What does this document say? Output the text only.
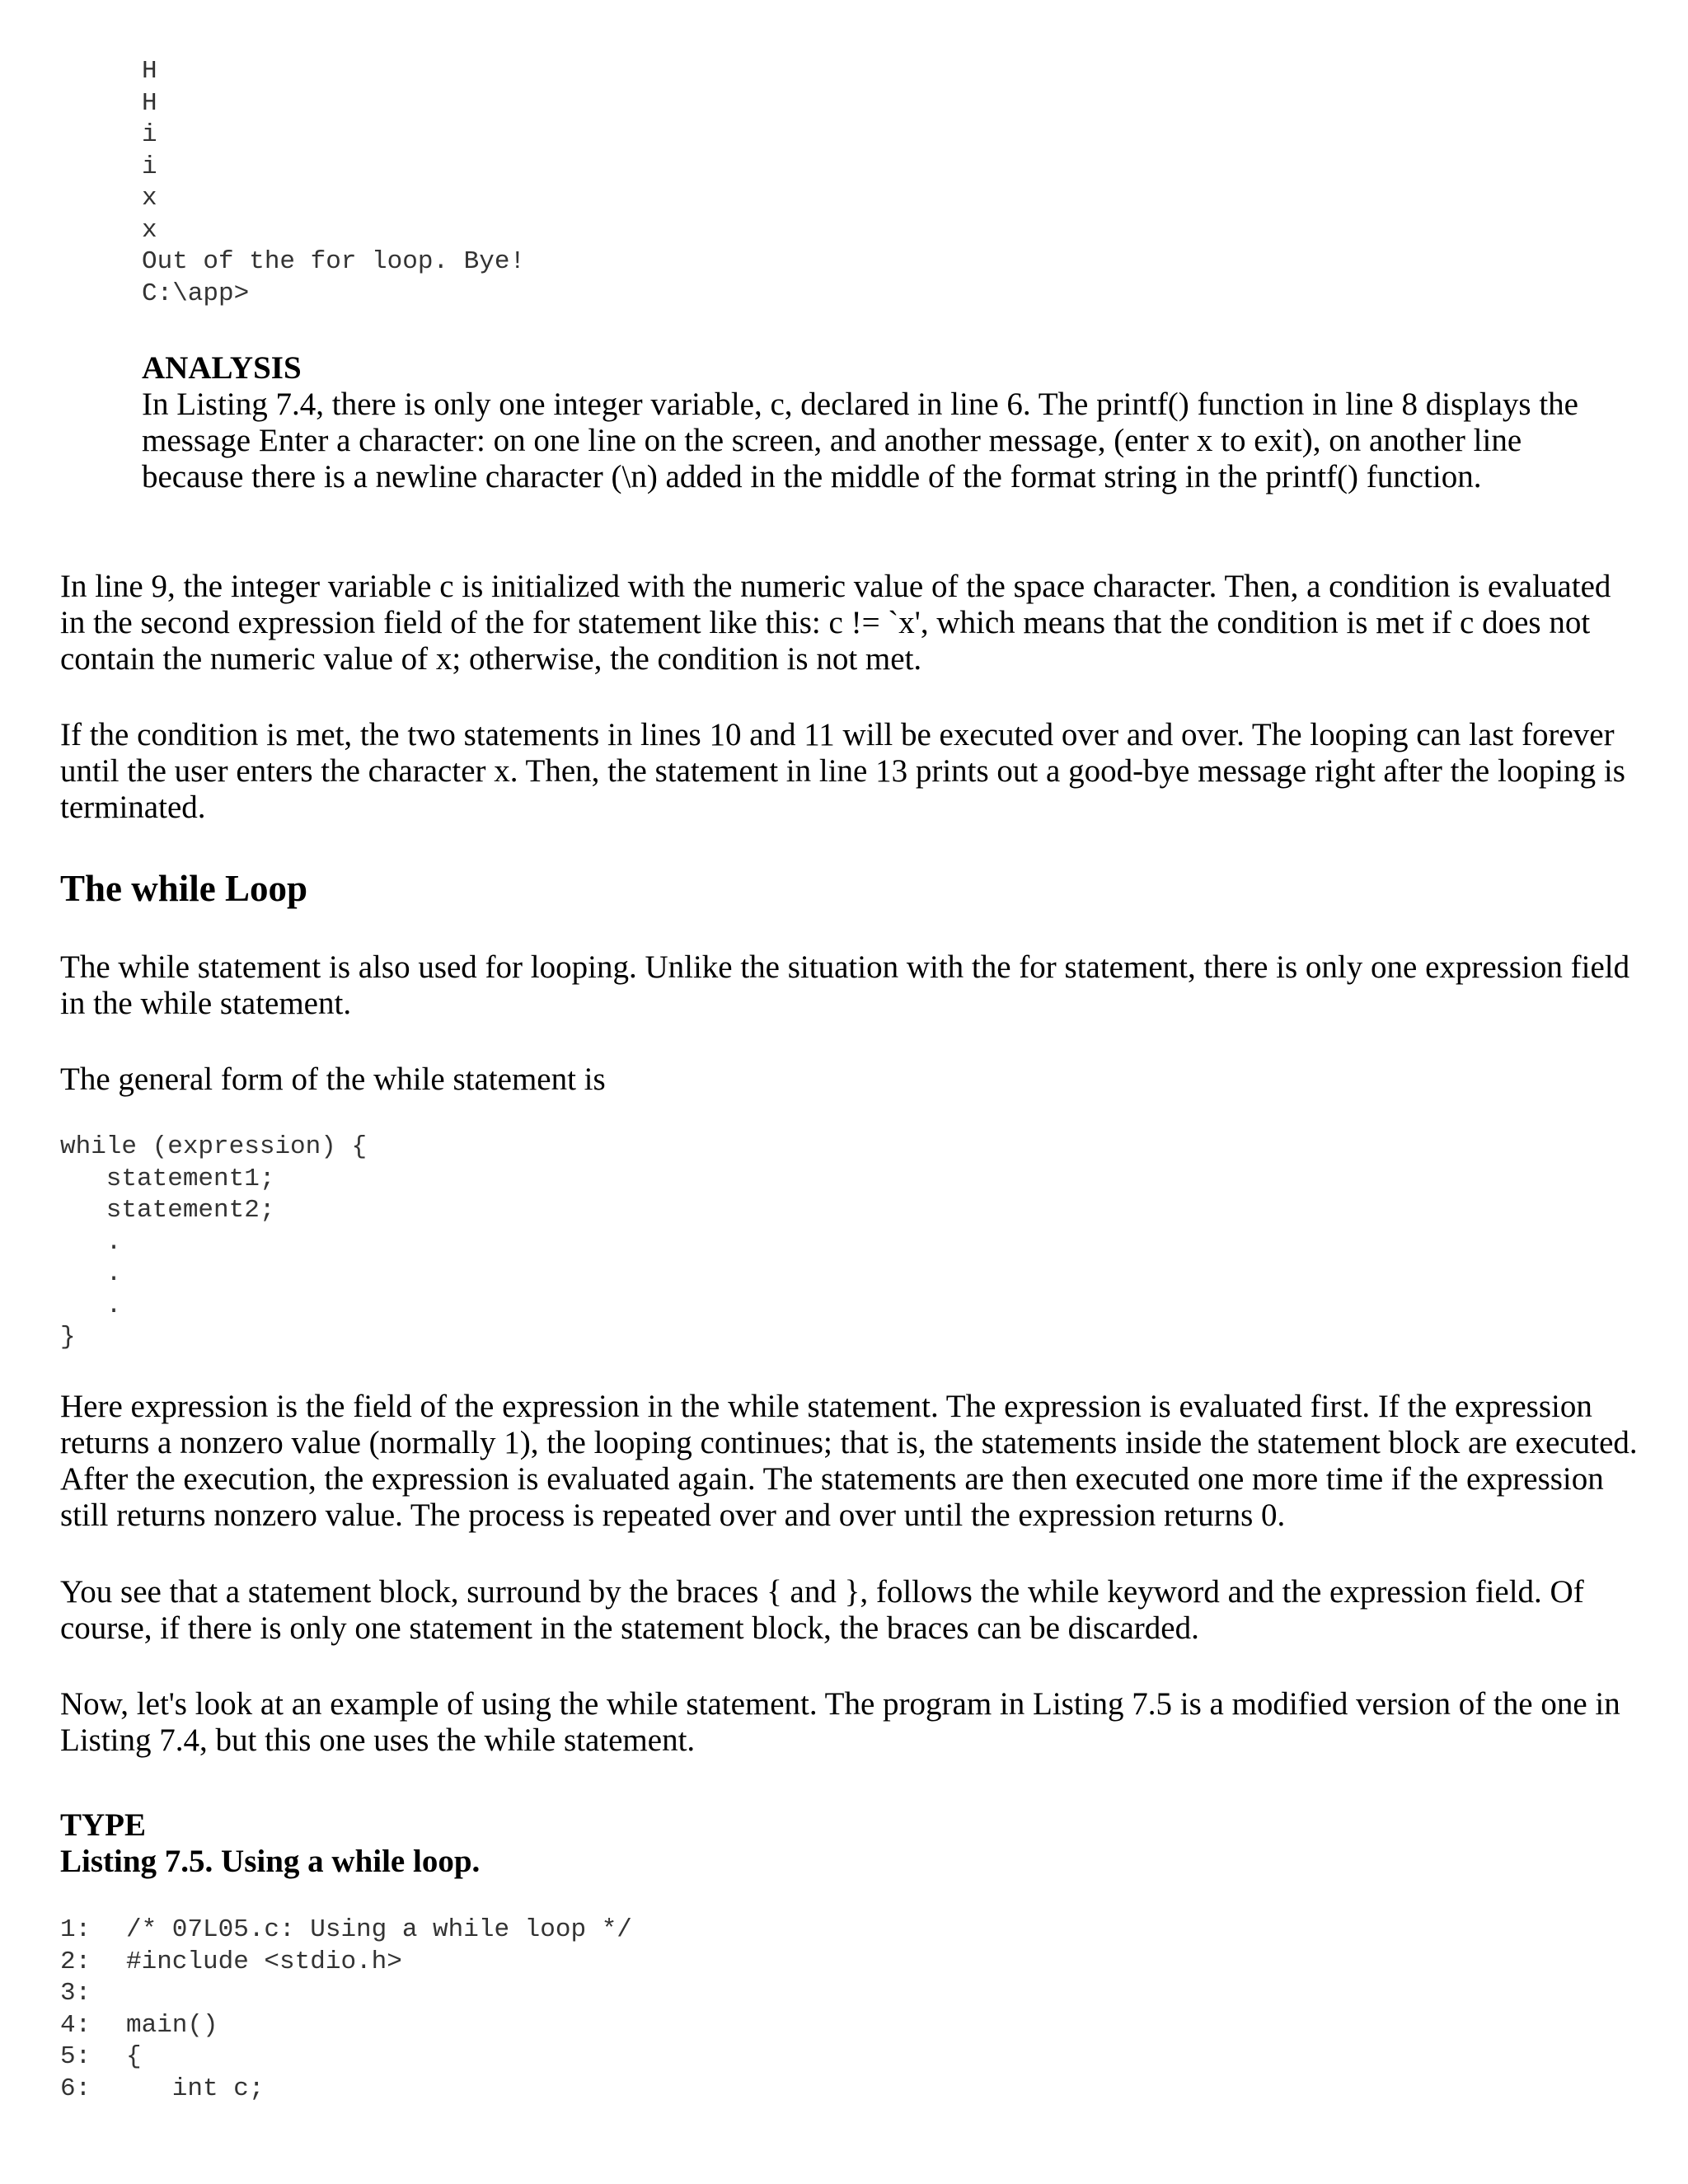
H
H
i
i
x
x
Out of the for loop. Bye!
C:\app>
ANALYSIS
In Listing 7.4, there is only one integer variable, c, declared in line 6. The printf() function in line 8 displays the message Enter a character: on one line on the screen, and another message, (enter x to exit), on another line because there is a newline character (\n) added in the middle of the format string in the printf() function.

In line 9, the integer variable c is initialized with the numeric value of the space character. Then, a condition is evaluated in the second expression field of the for statement like this: c != `x', which means that the condition is met if c does not contain the numeric value of x; otherwise, the condition is not met.

If the condition is met, the two statements in lines 10 and 11 will be executed over and over. The looping can last forever until the user enters the character x. Then, the statement in line 13 prints out a good-bye message right after the looping is terminated.

The while Loop

The while statement is also used for looping. Unlike the situation with the for statement, there is only one expression field in the while statement.

The general form of the while statement is

while (expression) {
statement1;
statement2;
.
.
.
}

Here expression is the field of the expression in the while statement. The expression is evaluated first. If the expression returns a nonzero value (normally 1), the looping continues; that is, the statements inside the statement block are executed. After the execution, the expression is evaluated again. The statements are then executed one more time if the expression still returns nonzero value. The process is repeated over and over until the expression returns 0.

You see that a statement block, surround by the braces { and }, follows the while keyword and the expression field. Of course, if there is only one statement in the statement block, the braces can be discarded.

Now, let's look at an example of using the while statement. The program in Listing 7.5 is a modified version of the one in Listing 7.4, but this one uses the while statement.

TYPE
Listing 7.5. Using a while loop.
1: /* 07L05.c: Using a while loop */
2: #include <stdio.h>
3:
4: main()
5: {
6:   int c;
